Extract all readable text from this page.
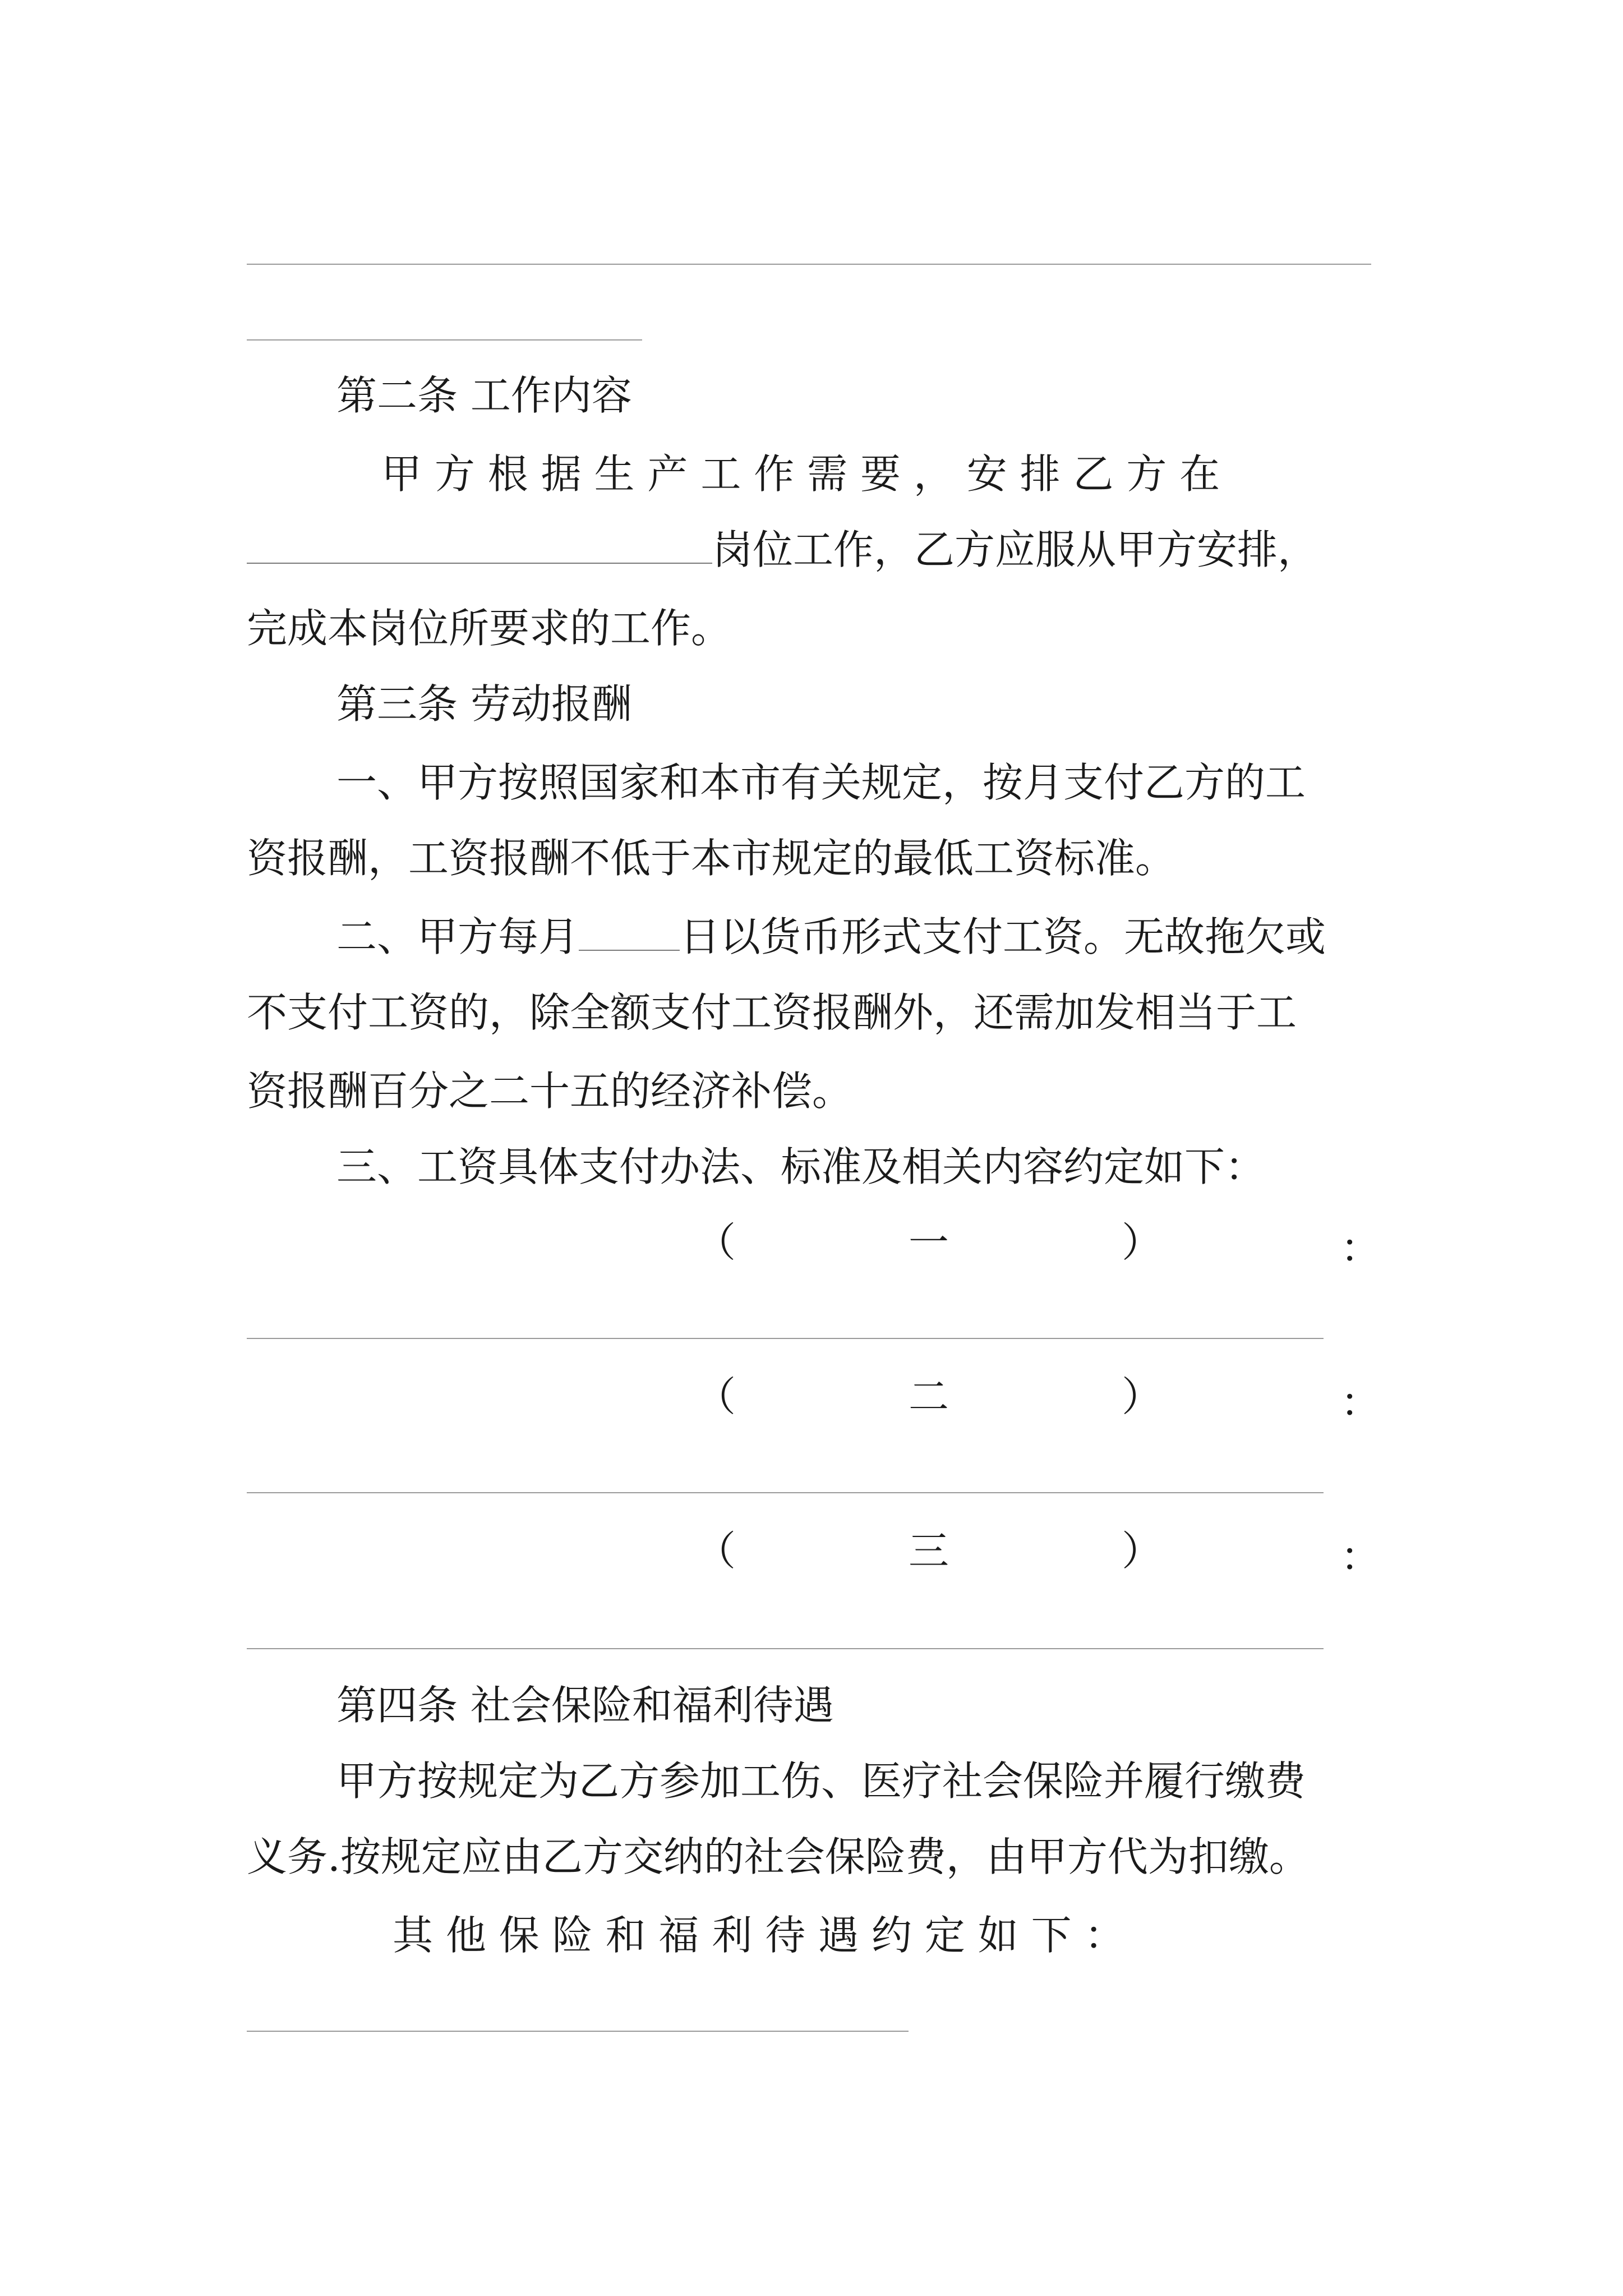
第二条 工作内容
甲 方 根 据 生 产 工 作 需 要 ， 安 排 乙 方 在
岗位工作，乙方应服从甲方安排，
完成本岗位所要求的工作。
第三条 劳动报酬
一、甲方按照国家和本市有关规定，按月支付乙方的工
资报酬，工资报酬不低于本市规定的最低工资标准。
二、甲方每月	日以货币形式支付工资。无故拖欠或
不支付工资的，除全额支付工资报酬外，还需加发相当于工
资报酬百分之二十五的经济补偿。
三、工资具体支付办法、标准及相关内容约定如下：
（	一	）	：
（	二	）	：
（	三	）	：
第四条 社会保险和福利待遇
甲方按规定为乙方参加工伤、医疗社会保险并履行缴费
义务.按规定应由乙方交纳的社会保险费，由甲方代为扣缴。
其 他 保 险 和 福 利 待 遇 约 定 如 下 ：
